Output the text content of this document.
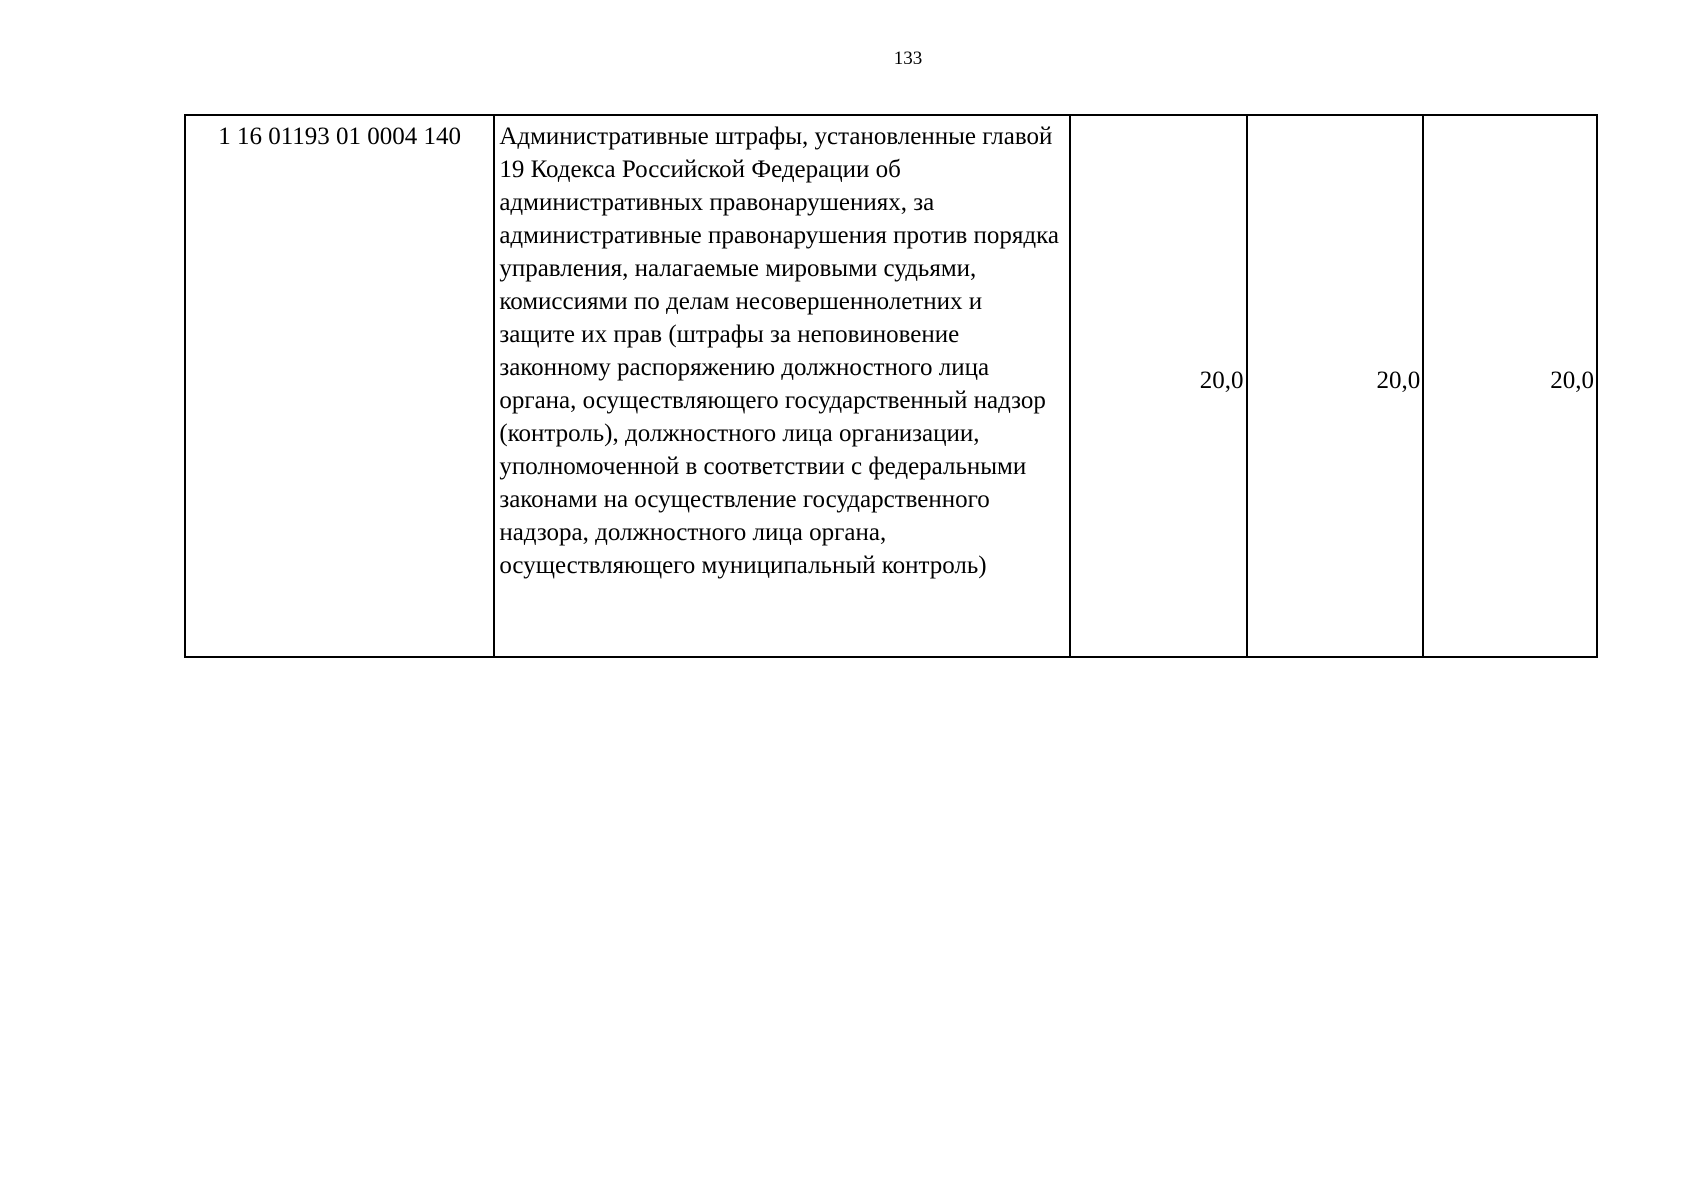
133
1 16 01193 01 0004 140	Административные штрафы, установленные главой 19 Кодекса Российской Федерации об административных правонарушениях, за административные правонарушения против порядка управления, налагаемые мировыми судьями, комиссиями по делам несовершеннолетних и защите их прав (штрафы за неповиновение законному распоряжению должностного лица органа, осуществляющего государственный надзор (контроль), должностного лица организации, уполномоченной в соответствии с федеральными законами на осуществление государственного надзора, должностного лица органа, осуществляющего муниципальный контроль)	20,0	20,0	20,0
